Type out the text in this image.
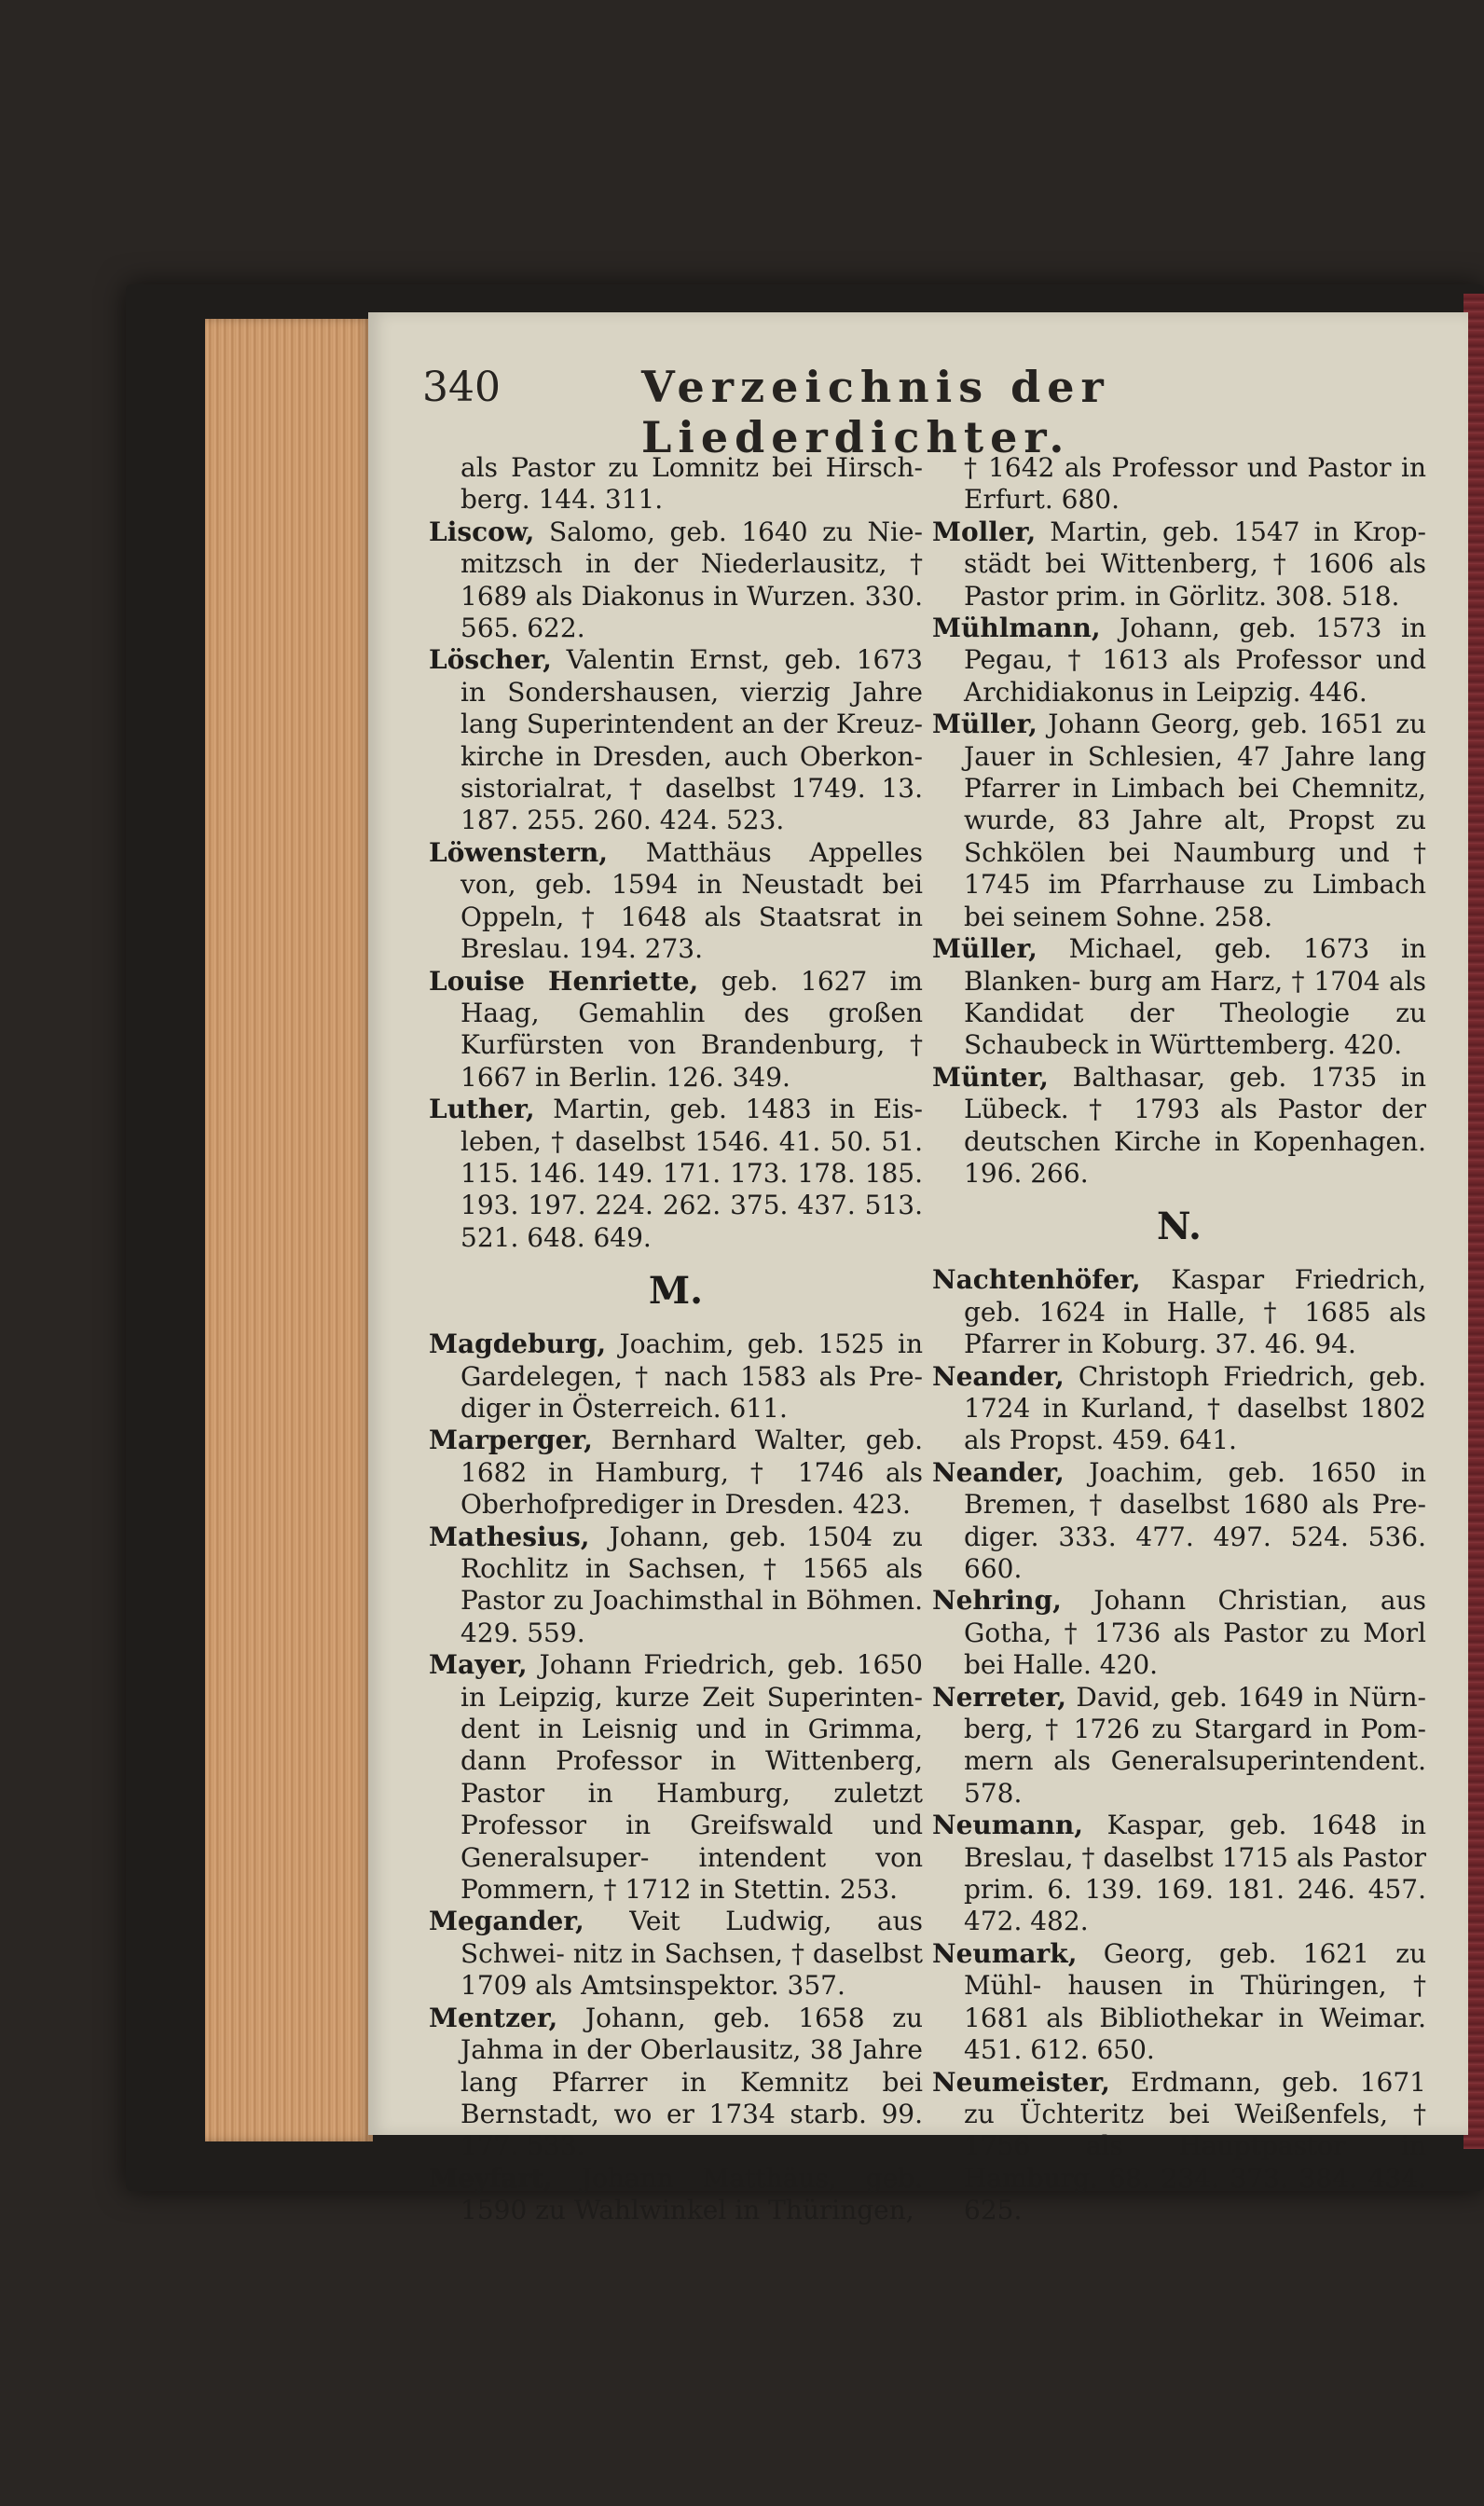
340	Verzeichnis der Liederdichter.

als Pastor zu Lomnitz bei Hirsch- berg. 144. 311.

Liscow, Salomo, geb. 1640 zu Nie- mitzsch in der Niederlausitz, † 1689 als Diakonus in Wurzen. 330. 565. 622.

Löscher, Valentin Ernst, geb. 1673 in Sondershausen, vierzig Jahre lang Superintendent an der Kreuz- kirche in Dresden, auch Oberkon- sistorialrat, † daselbst 1749. 13. 187. 255. 260. 424. 523.

Löwenstern, Matthäus Appelles von, geb. 1594 in Neustadt bei Oppeln, † 1648 als Staatsrat in Breslau. 194. 273.

Louise Henriette, geb. 1627 im Haag, Gemahlin des großen Kurfürsten von Brandenburg, † 1667 in Berlin. 126. 349.

Luther, Martin, geb. 1483 in Eis- leben, † daselbst 1546. 41. 50. 51. 115. 146. 149. 171. 173. 178. 185. 193. 197. 224. 262. 375. 437. 513. 521. 648. 649.

M.

Magdeburg, Joachim, geb. 1525 in Gardelegen, † nach 1583 als Pre- diger in Österreich. 611.

Marperger, Bernhard Walter, geb. 1682 in Hamburg, † 1746 als Oberhofprediger in Dresden. 423.

Mathesius, Johann, geb. 1504 zu Rochlitz in Sachsen, † 1565 als Pastor zu Joachimsthal in Böhmen. 429. 559.

Mayer, Johann Friedrich, geb. 1650 in Leipzig, kurze Zeit Superinten- dent in Leisnig und in Grimma, dann Professor in Wittenberg, Pastor in Hamburg, zuletzt Professor in Greifswald und Generalsuper- intendent von Pommern, † 1712 in Stettin. 253.

Megander, Veit Ludwig, aus Schwei- nitz in Sachsen, † daselbst 1709 als Amtsinspektor. 357.

Mentzer, Johann, geb. 1658 zu Jahma in der Oberlausitz, 38 Jahre lang Pfarrer in Kemnitz bei Bernstadt, wo er 1734 starb. 99. 177. 533.

Meyfart, Johann Matthäus, geb. 1590 zu Wahlwinkel in Thüringen,

† 1642 als Professor und Pastor in Erfurt. 680.

Moller, Martin, geb. 1547 in Krop- städt bei Wittenberg, † 1606 als Pastor prim. in Görlitz. 308. 518.

Mühlmann, Johann, geb. 1573 in Pegau, † 1613 als Professor und Archidiakonus in Leipzig. 446.

Müller, Johann Georg, geb. 1651 zu Jauer in Schlesien, 47 Jahre lang Pfarrer in Limbach bei Chemnitz, wurde, 83 Jahre alt, Propst zu Schkölen bei Naumburg und † 1745 im Pfarrhause zu Limbach bei seinem Sohne. 258.

Müller, Michael, geb. 1673 in Blanken- burg am Harz, † 1704 als Kandidat der Theologie zu Schaubeck in Württemberg. 420.

Münter, Balthasar, geb. 1735 in Lübeck. † 1793 als Pastor der deutschen Kirche in Kopenhagen. 196. 266.

N.

Nachtenhöfer, Kaspar Friedrich, geb. 1624 in Halle, † 1685 als Pfarrer in Koburg. 37. 46. 94.

Neander, Christoph Friedrich, geb. 1724 in Kurland, † daselbst 1802 als Propst. 459. 641.

Neander, Joachim, geb. 1650 in Bremen, † daselbst 1680 als Pre- diger. 333. 477. 497. 524. 536. 660.

Nehring, Johann Christian, aus Gotha, † 1736 als Pastor zu Morl bei Halle. 420.

Nerreter, David, geb. 1649 in Nürn- berg, † 1726 zu Stargard in Pom- mern als Generalsuperintendent. 578.

Neumann, Kaspar, geb. 1648 in Breslau, † daselbst 1715 als Pastor prim. 6. 139. 169. 181. 246. 457. 472. 482.

Neumark, Georg, geb. 1621 zu Mühl- hausen in Thüringen, † 1681 als Bibliothekar in Weimar. 451. 612. 650.

Neumeister, Erdmann, geb. 1671 zu Üchteritz bei Weißenfels, † 1756 als Hauptpastor in Hamburg. 68. 234. 373. 384. 434. 625.
